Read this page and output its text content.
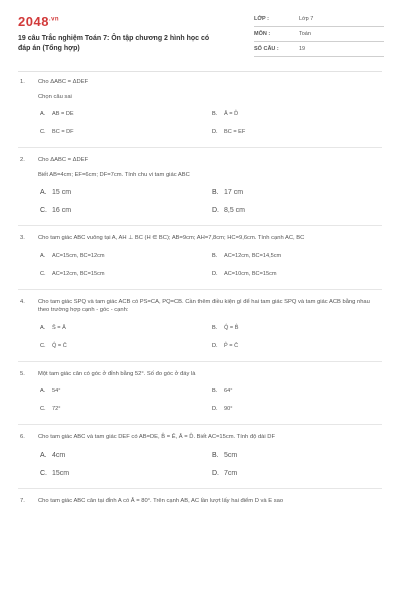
$2048^{.vn}$
19 câu Trắc nghiệm Toán 7: Ôn tập chương 2 hình học có đáp án (Tổng hợp)
LỚP :	Lớp 7
MÔN :	Toán
SỐ CÂU :	19
1. Cho ΔABC = ΔDEF
Chọn câu sai
A.	AB = DE	B.	Â = D̂
C.	BC = DF	D.	BC = EF
2. Cho ΔABC = ΔDEF
Biết AB=4cm; EF=6cm; DF=7cm. Tính chu vi tam giác ABC
A. 15 cm	B. 17 cm
C. 16 cm	D. 8,5 cm
3. Cho tam giác ABC vuông tại A, AH ⊥ BC (H ∈ BC); AB=9cm; AH=7,8cm; HC=9,6cm. Tính cạnh AC, BC
A.	AC=15cm, BC=12cm	B.	AC=12cm, BC=14,5cm
C.	AC=12cm, BC=15cm	D.	AC=10cm, BC=15cm
4. Cho tam giác SPQ và tam giác ACB có PS=CA, PQ=CB. Cần thêm điều kiện gì để hai tam giác SPQ và tam giác ACB bằng nhau theo trường hợp cạnh - góc - cạnh:
A.	Ŝ = Â	B.	Q̂ = B̂
C.	Q̂ = Ĉ	D.	P̂ = Ĉ
5. Một tam giác cân có góc ở đỉnh bằng 52°. Số đo góc ở đáy là
A.	54°	B.	64°
C.	72°	D.	90°
6. Cho tam giác ABC và tam giác DEF có AB=DE, B̂ = Ê, Â = D̂. Biết AC=15cm. Tính độ dài DF
A. 4cm	B. 5cm
C. 15cm	D. 7cm
7. Cho tam giác ABC cân tại đỉnh A có Â = 80°. Trên cạnh AB, AC lần lượt lấy hai điểm D và E sao
